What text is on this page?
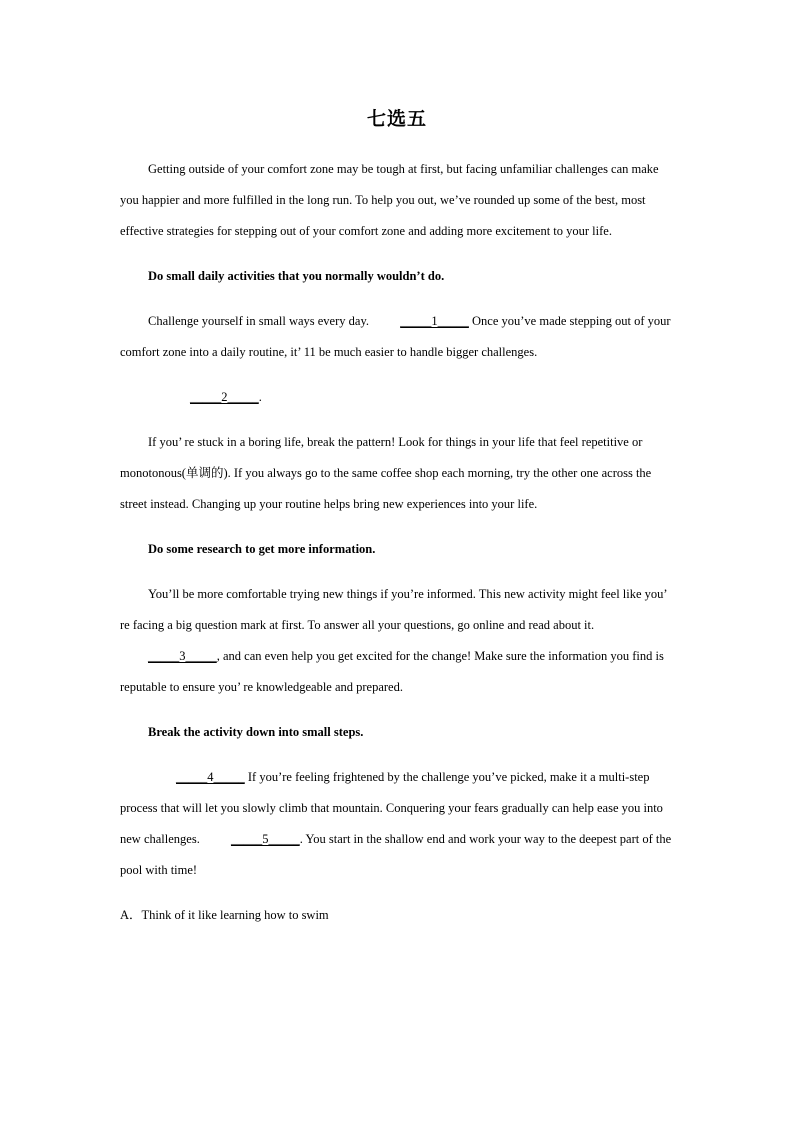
七选五

Getting outside of your comfort zone may be tough at first, but facing unfamiliar challenges can make you happier and more fulfilled in the long run. To help you out, we’ve rounded up some of the best, most effective strategies for stepping out of your comfort zone and adding more excitement to your life.

Do small daily activities that you normally wouldn’t do.

Challenge yourself in small ways every day. _____1_____ Once you’ve made stepping out of your comfort zone into a daily routine, it’ 11 be much easier to handle bigger challenges.

_____2_____.

If you’ re stuck in a boring life, break the pattern! Look for things in your life that feel repetitive or monotonous(单调的). If you always go to the same coffee shop each morning, try the other one across the street instead. Changing up your routine helps bring new experiences into your life.

Do some research to get more information.

You’ll be more comfortable trying new things if you’re informed. This new activity might feel like you’ re facing a big question mark at first. To answer all your questions, go online and read about it. _____3_____, and can even help you get excited for the change! Make sure the information you find is reputable to ensure you’ re knowledgeable and prepared.

Break the activity down into small steps.

_____4_____ If you’re feeling frightened by the challenge you’ve picked, make it a multi-step process that will let you slowly climb that mountain. Conquering your fears gradually can help ease you into new challenges. _____5_____. You start in the shallow end and work your way to the deepest part of the pool with time!

A．Think of it like learning how to swim
